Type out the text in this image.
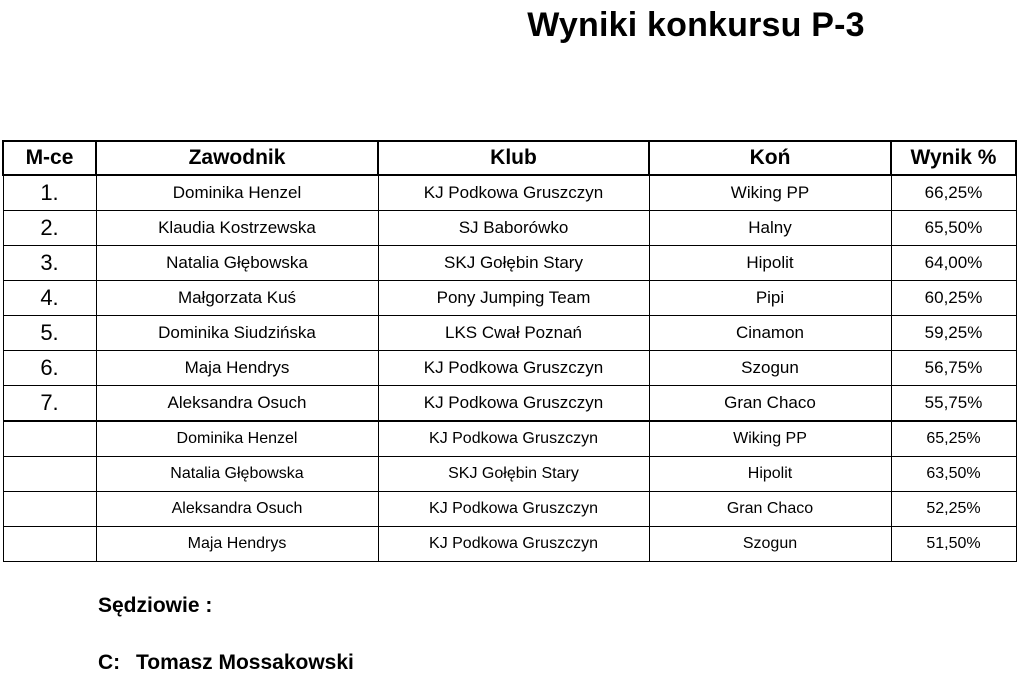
Wyniki konkursu P-3
M-ce	Zawodnik	Klub	Koń	Wynik %
1.	Dominika Henzel	KJ Podkowa Gruszczyn	Wiking PP	66,25%
2.	Klaudia Kostrzewska	SJ Baborówko	Halny	65,50%
3.	Natalia Głębowska	SKJ Gołębin Stary	Hipolit	64,00%
4.	Małgorzata Kuś	Pony Jumping Team	Pipi	60,25%
5.	Dominika Siudzińska	LKS Cwał Poznań	Cinamon	59,25%
6.	Maja Hendrys	KJ Podkowa Gruszczyn	Szogun	56,75%
7.	Aleksandra Osuch	KJ Podkowa Gruszczyn	Gran Chaco	55,75%
	Dominika Henzel	KJ Podkowa Gruszczyn	Wiking PP	65,25%
	Natalia Głębowska	SKJ Gołębin Stary	Hipolit	63,50%
	Aleksandra Osuch	KJ Podkowa Gruszczyn	Gran Chaco	52,25%
	Maja Hendrys	KJ Podkowa Gruszczyn	Szogun	51,50%
Sędziowie :
C: Tomasz Mossakowski
